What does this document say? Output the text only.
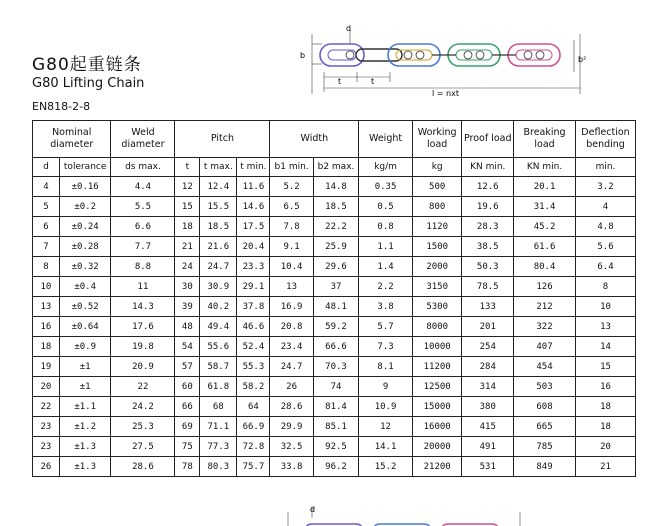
G80起重链条
G80 Lifting Chain
EN818-2-8
d
b	b²
t	t
l = nxt
Nominal diameter		Weld diameter	Pitch			Width		Weight	Working load	Proof load	Breaking load	Deflection bending
d	tolerance	ds max.	t	t max.	t min.	b1 min.	b2 max.	kg/m	kg	KN min.	KN min.	min.
4	±0.16	4.4	12	12.4	11.6	5.2	14.8	0.35	500	12.6	20.1	3.2
5	±0.2	5.5	15	15.5	14.6	6.5	18.5	0.5	800	19.6	31.4	4
6	±0.24	6.6	18	18.5	17.5	7.8	22.2	0.8	1120	28.3	45.2	4.8
7	±0.28	7.7	21	21.6	20.4	9.1	25.9	1.1	1500	38.5	61.6	5.6
8	±0.32	8.8	24	24.7	23.3	10.4	29.6	1.4	2000	50.3	80.4	6.4
10	±0.4	11	30	30.9	29.1	13	37	2.2	3150	78.5	126	8
13	±0.52	14.3	39	40.2	37.8	16.9	48.1	3.8	5300	133	212	10
16	±0.64	17.6	48	49.4	46.6	20.8	59.2	5.7	8000	201	322	13
18	±0.9	19.8	54	55.6	52.4	23.4	66.6	7.3	10000	254	407	14
19	±1	20.9	57	58.7	55.3	24.7	70.3	8.1	11200	284	454	15
20	±1	22	60	61.8	58.2	26	74	9	12500	314	503	16
22	±1.1	24.2	66	68	64	28.6	81.4	10.9	15000	380	608	18
23	±1.2	25.3	69	71.1	66.9	29.9	85.1	12	16000	415	665	18
23	±1.3	27.5	75	77.3	72.8	32.5	92.5	14.1	20000	491	785	20
26	±1.3	28.6	78	80.3	75.7	33.8	96.2	15.2	21200	531	849	21
d
